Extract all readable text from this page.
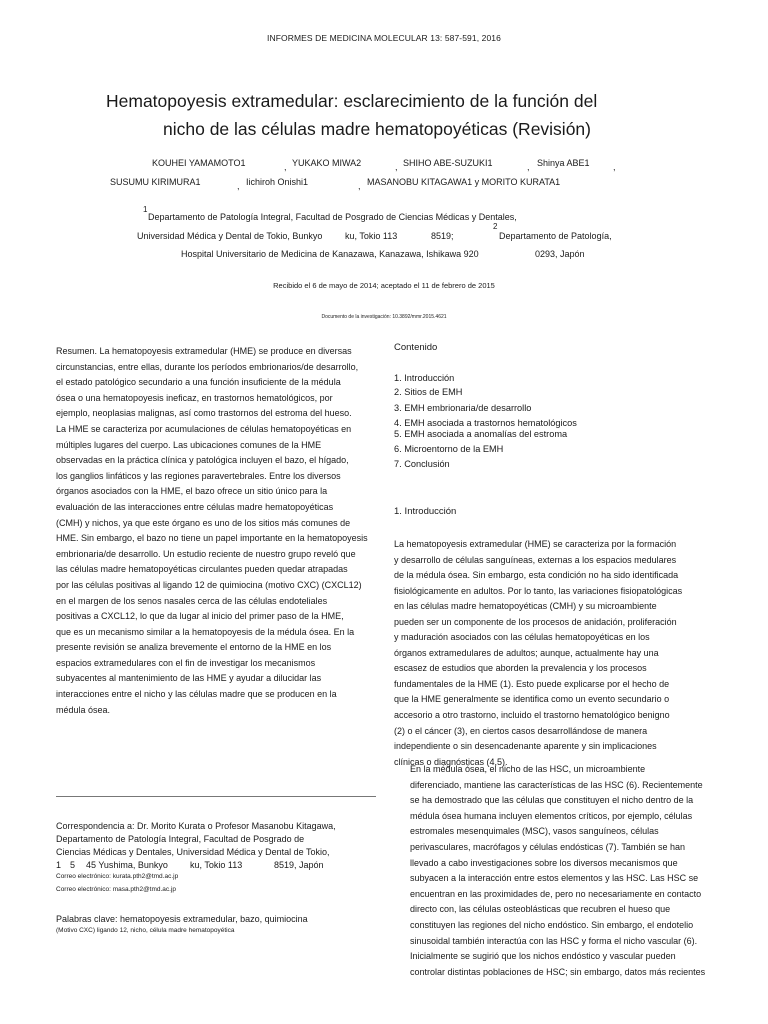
INFORMES DE MEDICINA MOLECULAR 13: 587-591, 2016
Hematopoyesis extramedular: esclarecimiento de la función del
nicho de las células madre hematopoyéticas (Revisión)
KOUHEI YAMAMOTO1	, YUKAKO MIWA2	, SHIHO ABE-SUZUKI1	, Shinya ABE1	,
SUSUMU KIRIMURA1	, Iichiroh Onishi1	, MASANOBU KITAGAWA1 y MORITO KURATA1
1
Departamento de Patología Integral, Facultad de Posgrado de Ciencias Médicas y Dentales,
Universidad Médica y Dental de Tokio, Bunkyo	ku, Tokio 113	8519;
2
Departamento de Patología,
Hospital Universitario de Medicina de Kanazawa, Kanazawa, Ishikawa 920	0293, Japón
Recibido el 6 de mayo de 2014; aceptado el 11 de febrero de 2015
Documento de la investigación: 10.3892/mmr.2015.4621
Resumen. La hematopoyesis extramedular (HME) se produce en diversas
circunstancias, entre ellas, durante los períodos embrionarios/de desarrollo,
el estado patológico secundario a una función insuficiente de la médula
ósea o una hematopoyesis ineficaz, en trastornos hematológicos, por
ejemplo, neoplasias malignas, así como trastornos del estroma del hueso.
La HME se caracteriza por acumulaciones de células hematopoyéticas en
múltiples lugares del cuerpo. Las ubicaciones comunes de la HME
observadas en la práctica clínica y patológica incluyen el bazo, el hígado,
los ganglios linfáticos y las regiones paravertebrales. Entre los diversos
órganos asociados con la HME, el bazo ofrece un sitio único para la
evaluación de las interacciones entre células madre hematopoyéticas
(CMH) y nichos, ya que este órgano es uno de los sitios más comunes de
HME. Sin embargo, el bazo no tiene un papel importante en la hematopoyesis
embrionaria/de desarrollo. Un estudio reciente de nuestro grupo reveló que
las células madre hematopoyéticas circulantes pueden quedar atrapadas
por las células positivas al ligando 12 de quimiocina (motivo CXC) (CXCL12)
en el margen de los senos nasales cerca de las células endoteliales
positivas a CXCL12, lo que da lugar al inicio del primer paso de la HME,
que es un mecanismo similar a la hematopoyesis de la médula ósea. En la
presente revisión se analiza brevemente el entorno de la HME en los
espacios extramedulares con el fin de investigar los mecanismos
subyacentes al mantenimiento de las HME y ayudar a dilucidar las
interacciones entre el nicho y las células madre que se producen en la
médula ósea.
Correspondencia a: Dr. Morito Kurata o Profesor Masanobu Kitagawa,
Departamento de Patología Integral, Facultad de Posgrado de
Ciencias Médicas y Dentales, Universidad Médica y Dental de Tokio,
1 5 45 Yushima, Bunkyo ku, Tokio 113	8519, Japón
Correo electrónico: kurata.pth2@tmd.ac.jp
Correo electrónico: masa.pth2@tmd.ac.jp
Palabras clave: hematopoyesis extramedular, bazo, quimiocina
(Motivo CXC) ligando 12, nicho, célula madre hematopoyética
Contenido
1. Introducción
2. Sitios de EMH
3. EMH embrionaria/de desarrollo
4. EMH asociada a trastornos hematológicos
5. EMH asociada a anomalías del estroma
6. Microentorno de la EMH
7. Conclusión
1. Introducción
La hematopoyesis extramedular (HME) se caracteriza por la formación
y desarrollo de células sanguíneas, externas a los espacios medulares
de la médula ósea. Sin embargo, esta condición no ha sido identificada
fisiológicamente en adultos. Por lo tanto, las variaciones fisiopatológicas
en las células madre hematopoyéticas (CMH) y su microambiente
pueden ser un componente de los procesos de anidación, proliferación
y maduración asociados con las células hematopoyéticas en los
órganos extramedulares de adultos; aunque, actualmente hay una
escasez de estudios que aborden la prevalencia y los procesos
fundamentales de la HME (1). Esto puede explicarse por el hecho de
que la HME generalmente se identifica como un evento secundario o
accesorio a otro trastorno, incluido el trastorno hematológico benigno
(2) o el cáncer (3), en ciertos casos desarrollándose de manera
independiente o sin desencadenante aparente y sin implicaciones
clínicas o diagnósticas (4,5).
En la médula ósea, el nicho de las HSC, un microambiente
diferenciado, mantiene las características de las HSC (6). Recientemente
se ha demostrado que las células que constituyen el nicho dentro de la
médula ósea humana incluyen elementos críticos, por ejemplo, células
estromales mesenquimales (MSC), vasos sanguíneos, células
perivasculares, macrófagos y células endósticas (7). También se han
llevado a cabo investigaciones sobre los diversos mecanismos que
subyacen a la interacción entre estos elementos y las HSC. Las HSC se
encuentran en las proximidades de, pero no necesariamente en contacto
directo con, las células osteoblásticas que recubren el hueso que
constituyen las regiones del nicho endóstico. Sin embargo, el endotelio
sinusoidal también interactúa con las HSC y forma el nicho vascular (6).
Inicialmente se sugirió que los nichos endóstico y vascular pueden
controlar distintas poblaciones de HSC; sin embargo, datos más recientes
